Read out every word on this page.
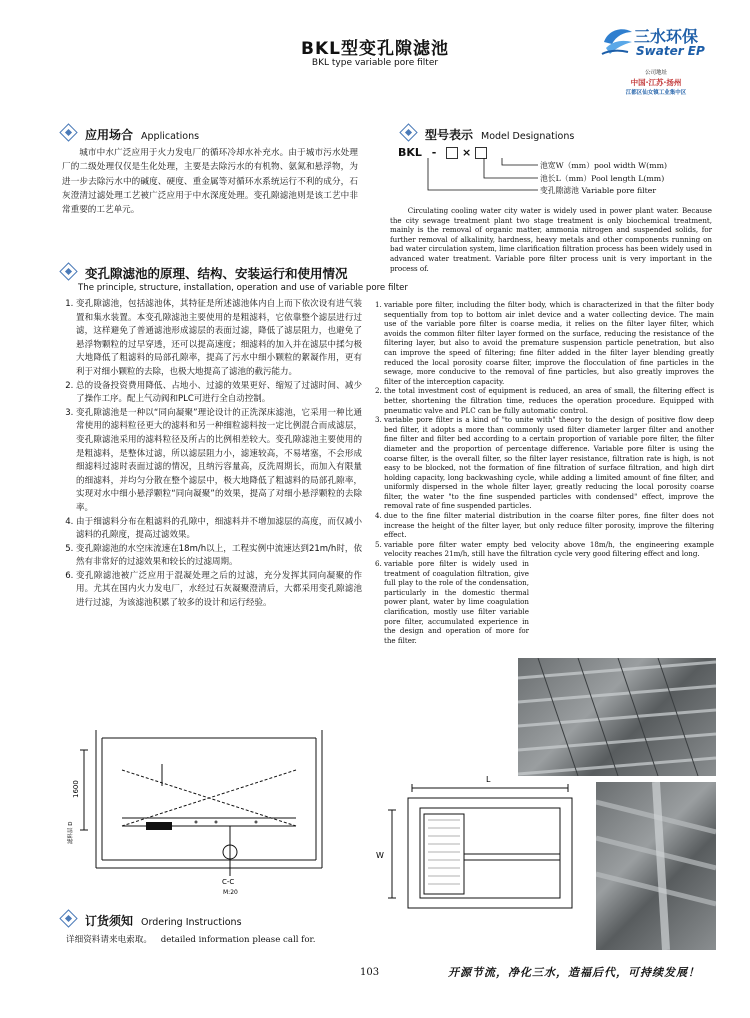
BKL型变孔隙滤池
BKL type variable pore filter
三水环保
Swater EP
公司地址
中国·江苏·扬州
江都区仙女镇工业集中区
应用场合 Applications
城市中水广泛应用于火力发电厂的循环冷却水补充水。由于城市污水处理厂的二级处理仅仅是生化处理，主要是去除污水的有机物、氨氮和悬浮物，为进一步去除污水中的碱度、硬度、重金属等对循环水系统运行不利的成分，石灰澄清过滤处理工艺被广泛应用于中水深度处理。变孔隙滤池则是该工艺中非常重要的工艺单元。
型号表示 Model Designations
BKL - ×
池宽W（mm）pool width W(mm)
池长L（mm）Pool length L(mm)
变孔隙滤池 Variable pore filter
Circulating cooling water city water is widely used in power plant water. Because the city sewage treatment plant two stage treatment is only biochemical treatment, mainly is the removal of organic matter, ammonia nitrogen and suspended solids, for further removal of alkalinity, hardness, heavy metals and other components running on bad water circulation system, lime clarification filtration process has been widely used in advanced water treatment. Variable pore filter process unit is very important in the process of.
变孔隙滤池的原理、结构、安装运行和使用情况
The principle, structure, installation, operation and use of variable pore filter
1. 变孔隙滤池，包括滤池体，其特征是所述滤池体内自上而下依次设有进气装置和集水装置。本变孔隙滤池主要使用的是粗滤料，它依靠整个滤层进行过滤，这样避免了普通滤池形成滤层的表面过滤，降低了滤层阻力，也避免了悬浮物颗粒的过早穿透，还可以提高速度；细滤料的加入并在滤层中揉匀极大地降低了粗滤料的局部孔隙率，提高了污水中细小颗粒的絮凝作用，更有利于对细小颗粒的去除，也极大地提高了滤池的截污能力。
2. 总的设备投资费用降低、占地小、过滤的效果更好、缩短了过滤时间、减少了操作工序。配上气动阀和PLC可进行全自动控制。
3. 变孔隙滤池是一种以“同向凝聚”理论设计的正洗深床滤池，它采用一种比通常使用的滤料粒径更大的滤料和另一种细粒滤料按一定比例混合而成滤层，变孔隙滤池采用的滤料粒径及所占的比例相差较大。变孔隙滤池主要使用的是粗滤料，是整体过滤，所以滤层阻力小，滤速较高，不易堵塞，不会形成细滤料过滤时表面过滤的情况，且纳污容量高，反洗周期长，而加入有限量的细滤料，并均匀分散在整个滤层中，极大地降低了粗滤料的局部孔隙率，实现对水中细小悬浮颗粒“同向凝聚”的效果，提高了对细小悬浮颗粒的去除率。
4. 由于细滤料分布在粗滤料的孔隙中，细滤料并不增加滤层的高度，而仅减小滤料的孔隙度，提高过滤效果。
5. 变孔隙滤池的水空床流速在18m/h以上，工程实例中流速达到21m/h时，依然有非常好的过滤效果和较长的过滤周期。
6. 变孔隙滤池被广泛应用于混凝处理之后的过滤，充分发挥其同向凝聚的作用。尤其在国内火力发电厂，水经过石灰凝聚澄清后，大都采用变孔隙滤池进行过滤，为该滤池积累了较多的设计和运行经验。
1. variable pore filter, including the filter body, which is characterized in that the filter body sequentially from top to bottom air inlet device and a water collecting device. The main use of the variable pore filter is coarse media, it relies on the filter layer filter, which avoids the common filter filter layer formed on the surface, reducing the resistance of the filtering layer, but also to avoid the premature suspension particle penetration, but also can improve the speed of filtering; fine filter added in the filter layer blending greatly reduced the local porosity coarse filter, improve the flocculation of fine particles in the sewage, more conducive to the removal of fine particles, but also greatly improves the filter of the interception capacity.
2. the total investment cost of equipment is reduced, an area of small, the filtering effect is better, shortening the filtration time, reduces the operation procedure. Equipped with pneumatic valve and PLC can be fully automatic control.
3. variable pore filter is a kind of "to unite with" theory to the design of positive flow deep bed filter, it adopts a more than commonly used filter diameter larger filter and another fine filter and filter bed according to a certain proportion of variable pore filter, the filter diameter and the proportion of percentage difference. Variable pore filter is using the coarse filter, is the overall filter, so the filter layer resistance, filtration rate is high, is not easy to be blocked, not the formation of fine filtration of surface filtration, and high dirt holding capacity, long backwashing cycle, while adding a limited amount of fine filter, and uniformly dispersed in the whole filter layer, greatly reducing the local porosity coarse filter, the water "to the fine suspended particles with condensed" effect, improve the removal rate of fine suspended particles.
4. due to the fine filter material distribution in the coarse filter pores, fine filter does not increase the height of the filter layer, but only reduce filter porosity, improve the filtering effect.
5. variable pore filter water empty bed velocity above 18m/h, the engineering example velocity reaches 21m/h, still have the filtration cycle very good filtering effect and long.
6. variable pore filter is widely used in treatment of coagulation filtration, give full play to the role of the condensation, particularly in the domestic thermal power plant, water by lime coagulation clarification, mostly use filter variable pore filter, accumulated experience in the design and operation of more for the filter.
1600
滤料层 D
C-C
M:20
L
W
订货须知 Ordering Instructions
详细资料请来电索取。 detailed information please call for.
103	开源节流，净化三水，造福后代，可持续发展！
